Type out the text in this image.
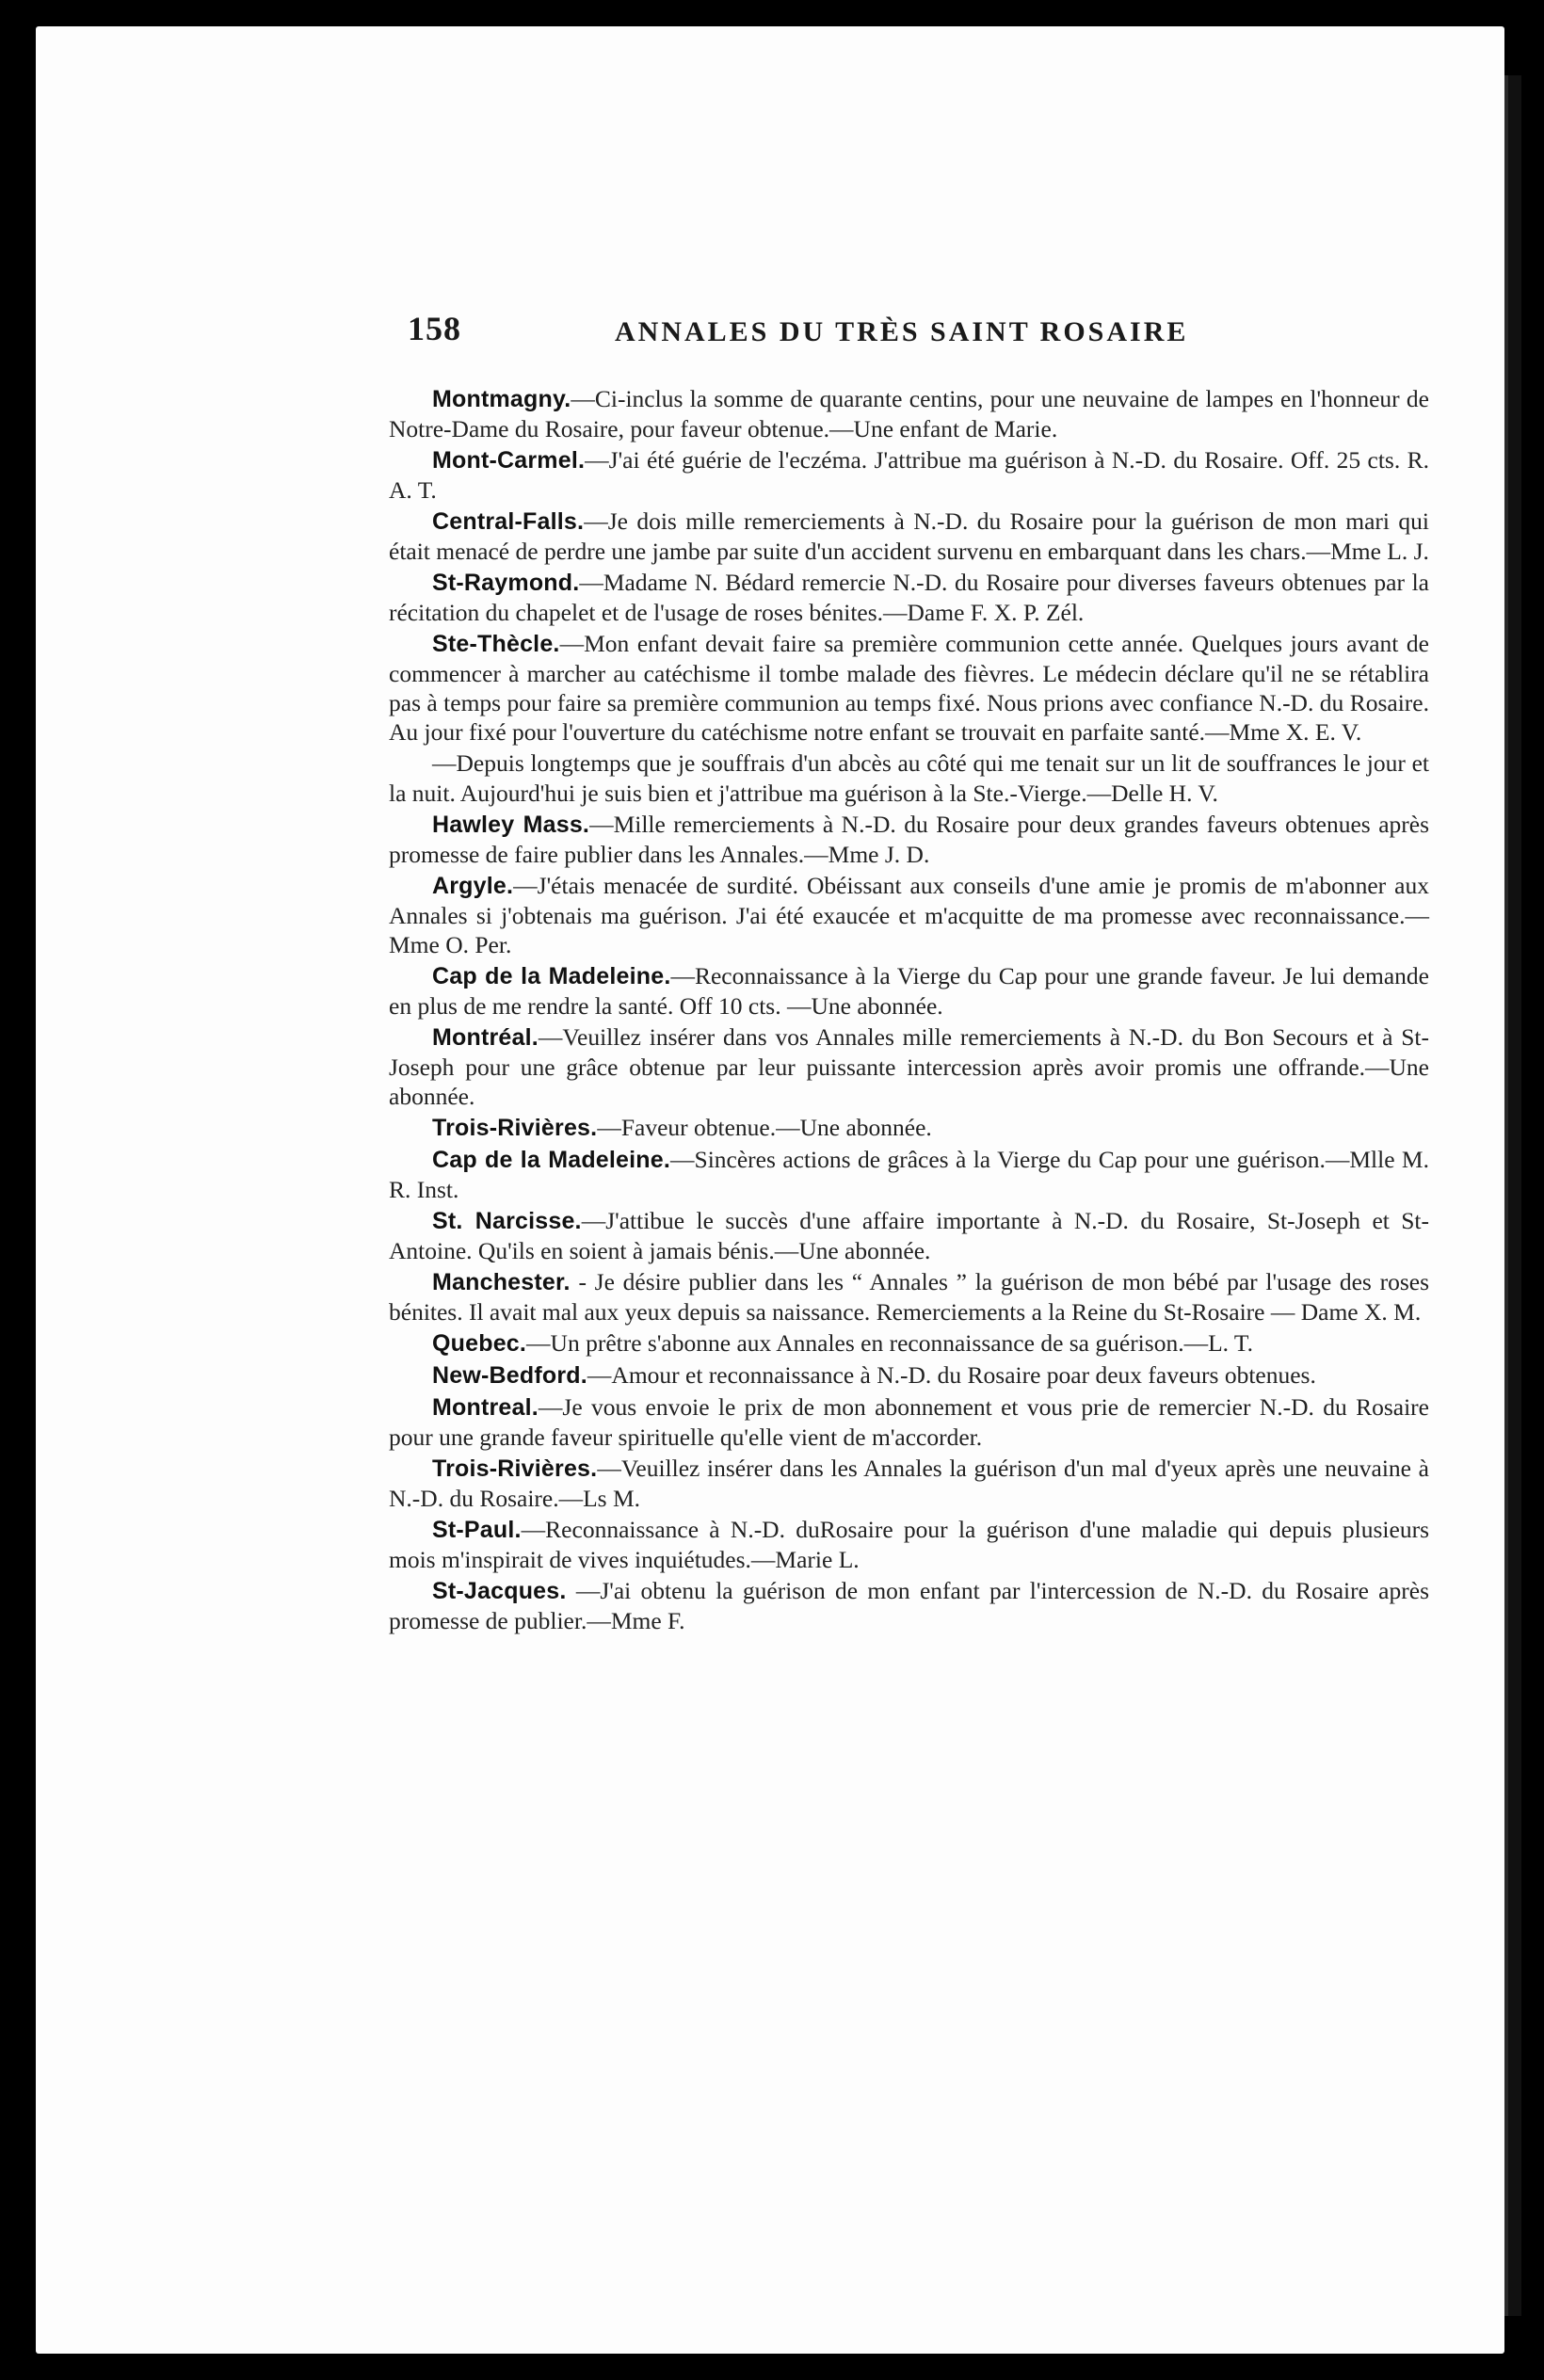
158	ANNALES DU TRÈS SAINT ROSAIRE

Montmagny.—Ci-inclus la somme de quarante centins, pour une neuvaine de lampes en l'honneur de Notre-Dame du Rosaire, pour faveur obtenue.—Une enfant de Marie.

Mont-Carmel.—J'ai été guérie de l'eczéma. J'attribue ma guérison à N.-D. du Rosaire. Off. 25 cts. R. A. T.

Central-Falls.—Je dois mille remerciements à N.-D. du Rosaire pour la guérison de mon mari qui était menacé de perdre une jambe par suite d'un accident survenu en embarquant dans les chars.—Mme L. J.

St-Raymond.—Madame N. Bédard remercie N.-D. du Rosaire pour diverses faveurs obtenues par la récitation du chapelet et de l'usage de roses bénites.—Dame F. X. P. Zél.

Ste-Thècle.—Mon enfant devait faire sa première communion cette année. Quelques jours avant de commencer à marcher au catéchisme il tombe malade des fièvres. Le médecin déclare qu'il ne se rétablira pas à temps pour faire sa première communion au temps fixé. Nous prions avec confiance N.-D. du Rosaire. Au jour fixé pour l'ouverture du catéchisme notre enfant se trouvait en parfaite santé.—Mme X. E. V.

—Depuis longtemps que je souffrais d'un abcès au côté qui me tenait sur un lit de souffrances le jour et la nuit. Aujourd'hui je suis bien et j'attribue ma guérison à la Ste.-Vierge.—Delle H. V.

Hawley Mass.—Mille remerciements à N.-D. du Rosaire pour deux grandes faveurs obtenues après promesse de faire publier dans les Annales.—Mme J. D.

Argyle.—J'étais menacée de surdité. Obéissant aux conseils d'une amie je promis de m'abonner aux Annales si j'obtenais ma guérison. J'ai été exaucée et m'acquitte de ma promesse avec reconnaissance.—Mme O. Per.

Cap de la Madeleine.—Reconnaissance à la Vierge du Cap pour une grande faveur. Je lui demande en plus de me rendre la santé. Off 10 cts. —Une abonnée.

Montréal.—Veuillez insérer dans vos Annales mille remerciements à N.-D. du Bon Secours et à St-Joseph pour une grâce obtenue par leur puissante intercession après avoir promis une offrande.—Une abonnée.

Trois-Rivières.—Faveur obtenue.—Une abonnée.

Cap de la Madeleine.—Sincères actions de grâces à la Vierge du Cap pour une guérison.—Mlle M. R. Inst.

St. Narcisse.—J'attibue le succès d'une affaire importante à N.-D. du Rosaire, St-Joseph et St-Antoine. Qu'ils en soient à jamais bénis.—Une abonnée.

Manchester. - Je désire publier dans les “ Annales ” la guérison de mon bébé par l'usage des roses bénites. Il avait mal aux yeux depuis sa naissance. Remerciements a la Reine du St-Rosaire — Dame X. M.

Quebec.—Un prêtre s'abonne aux Annales en reconnaissance de sa guérison.—L. T.

New-Bedford.—Amour et reconnaissance à N.-D. du Rosaire poar deux faveurs obtenues.

Montreal.—Je vous envoie le prix de mon abonnement et vous prie de remercier N.-D. du Rosaire pour une grande faveur spirituelle qu'elle vient de m'accorder.

Trois-Rivières.—Veuillez insérer dans les Annales la guérison d'un mal d'yeux après une neuvaine à N.-D. du Rosaire.—Ls M.

St-Paul.—Reconnaissance à N.-D. duRosaire pour la guérison d'une maladie qui depuis plusieurs mois m'inspirait de vives inquiétudes.—Marie L.

St-Jacques. —J'ai obtenu la guérison de mon enfant par l'intercession de N.-D. du Rosaire après promesse de publier.—Mme F.
